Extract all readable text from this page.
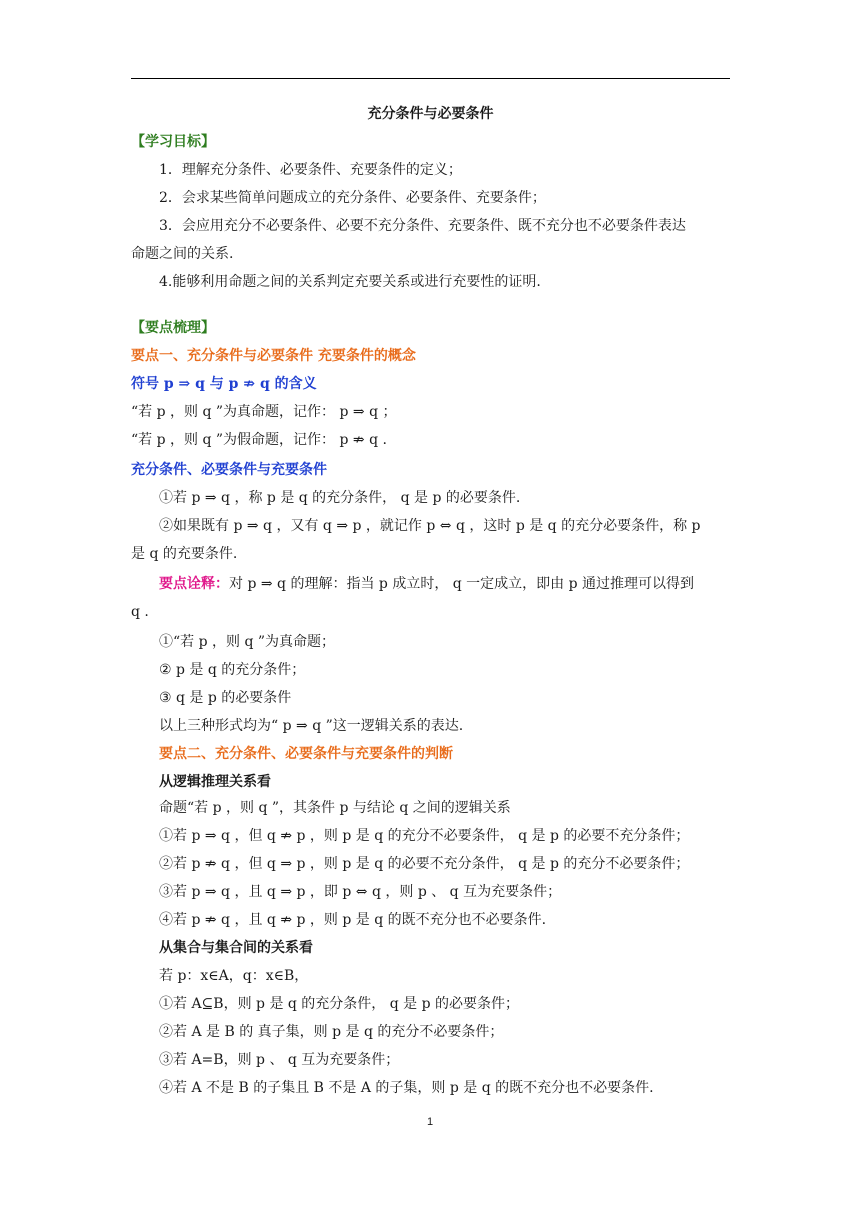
充分条件与必要条件
【学习目标】
1．理解充分条件、必要条件、充要条件的定义；
2．会求某些简单问题成立的充分条件、必要条件、充要条件；
3．会应用充分不必要条件、必要不充分条件、充要条件、既不充分也不必要条件表达
命题之间的关系.
4.能够利用命题之间的关系判定充要关系或进行充要性的证明.
【要点梳理】
要点一、充分条件与必要条件 充要条件的概念
符号 p ⇒ q 与 p ⇏ q 的含义
“若 p ，则 q ”为真命题，记作： p ⇒ q ；
“若 p ，则 q ”为假命题，记作： p ⇏ q .
充分条件、必要条件与充要条件
①若 p ⇒ q ，称 p 是 q 的充分条件， q 是 p 的必要条件.
②如果既有 p ⇒ q ，又有 q ⇒ p ，就记作 p ⇔ q ，这时 p 是 q 的充分必要条件，称 p
是 q 的充要条件.
要点诠释：对 p ⇒ q 的理解：指当 p 成立时， q 一定成立，即由 p 通过推理可以得到
q .
①“若 p ，则 q ”为真命题；
② p 是 q 的充分条件；
③ q 是 p 的必要条件
以上三种形式均为“ p ⇒ q ”这一逻辑关系的表达.
要点二、充分条件、必要条件与充要条件的判断
从逻辑推理关系看
命题“若 p ，则 q ”，其条件 p 与结论 q 之间的逻辑关系
①若 p ⇒ q ，但 q ⇏ p ，则 p 是 q 的充分不必要条件， q 是 p 的必要不充分条件；
②若 p ⇏ q ，但 q ⇒ p ，则 p 是 q 的必要不充分条件， q 是 p 的充分不必要条件；
③若 p ⇒ q ，且 q ⇒ p ，即 p ⇔ q ，则 p 、 q 互为充要条件；
④若 p ⇏ q ，且 q ⇏ p ，则 p 是 q 的既不充分也不必要条件.
从集合与集合间的关系看
若 p：x∈A，q：x∈B，
①若 A⊆B，则 p 是 q 的充分条件， q 是 p 的必要条件；
②若 A 是 B 的 真子集，则 p 是 q 的充分不必要条件；
③若 A=B，则 p 、 q 互为充要条件；
④若 A 不是 B 的子集且 B 不是 A 的子集，则 p 是 q 的既不充分也不必要条件.
1
